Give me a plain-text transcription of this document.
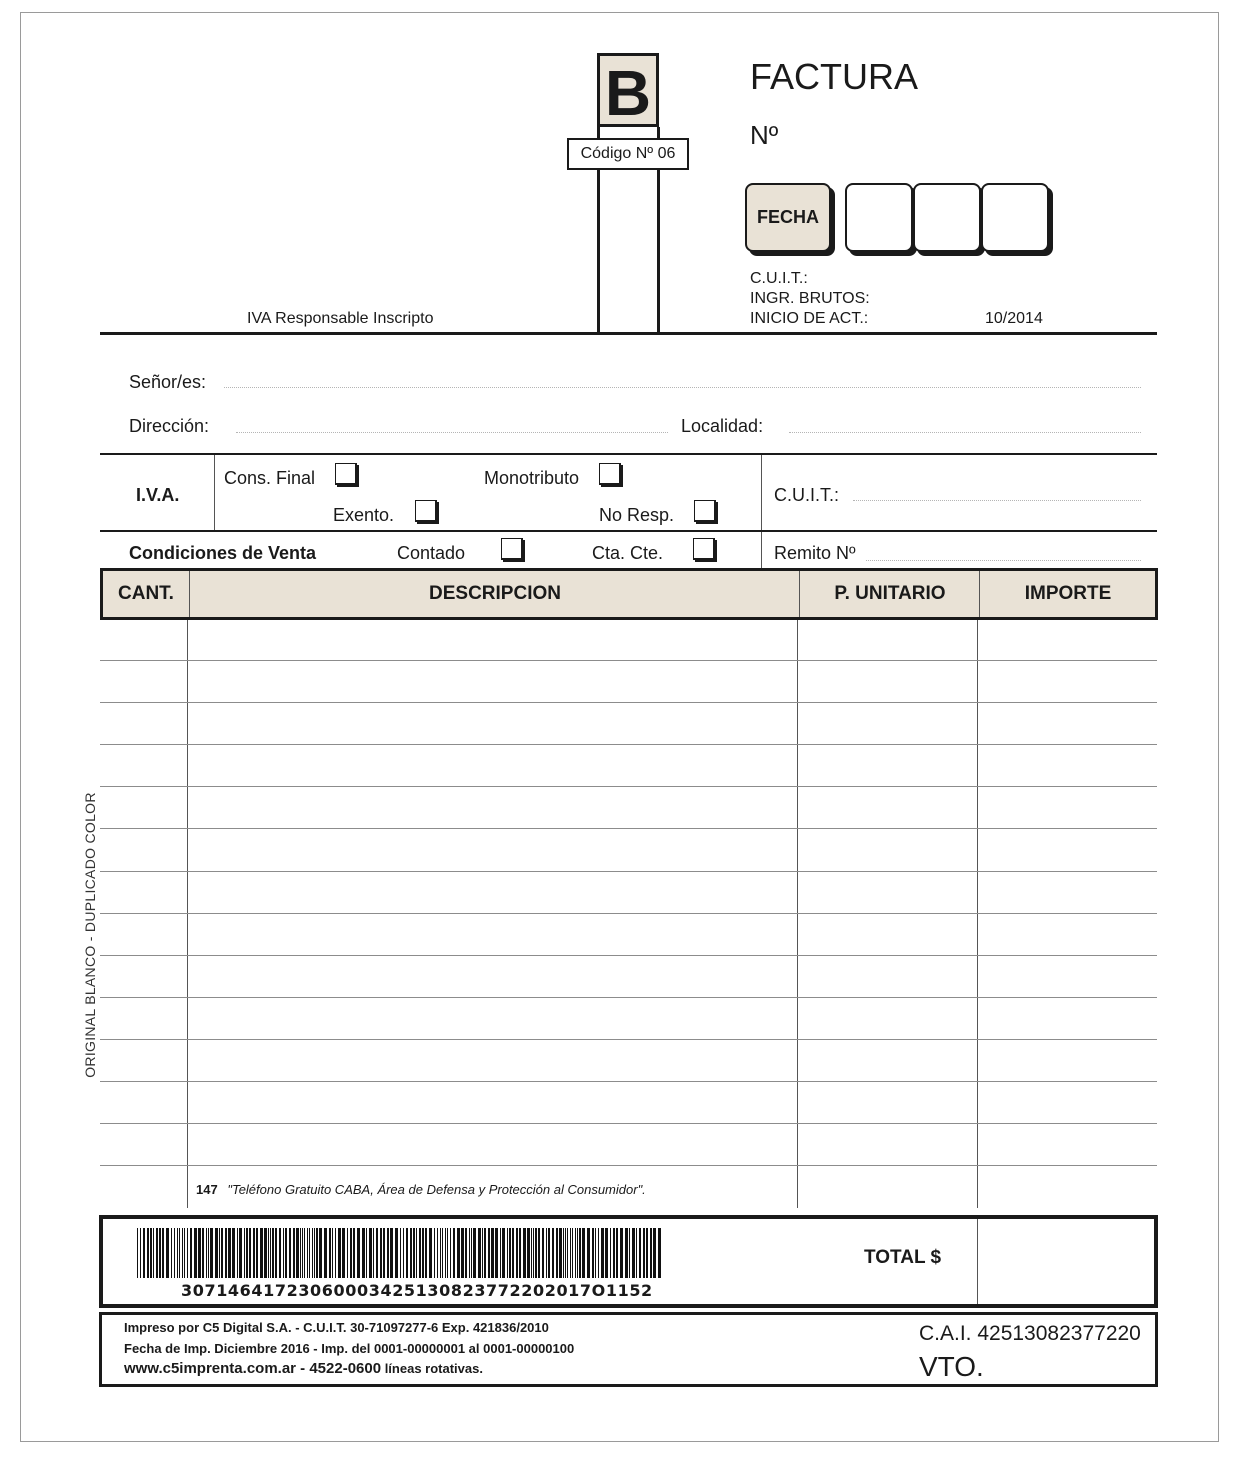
B
Código Nº 06
FACTURA
Nº
FECHA
C.U.I.T.:
INGR. BRUTOS:
INICIO DE ACT.:	10/2014
IVA Responsable Inscripto
Señor/es:
Dirección:	Localidad:
I.V.A.
Cons. Final	Monotributo
Exento.	No Resp.
C.U.I.T.:
Condiciones de Venta	Contado	Cta. Cte.	Remito Nº
CANT.	DESCRIPCION	P. UNITARIO	IMPORTE
147 "Teléfono Gratuito CABA, Área de Defensa y Protección al Consumidor".
ORIGINAL BLANCO - DUPLICADO COLOR
30714641723060003425130823772202017O1152
TOTAL $
Impreso por C5 Digital S.A. - C.U.I.T. 30-71097277-6 Exp. 421836/2010
Fecha de Imp. Diciembre 2016 - Imp. del 0001-00000001 al 0001-00000100
www.c5imprenta.com.ar - 4522-0600 líneas rotativas.
C.A.I. 42513082377220
VTO.
